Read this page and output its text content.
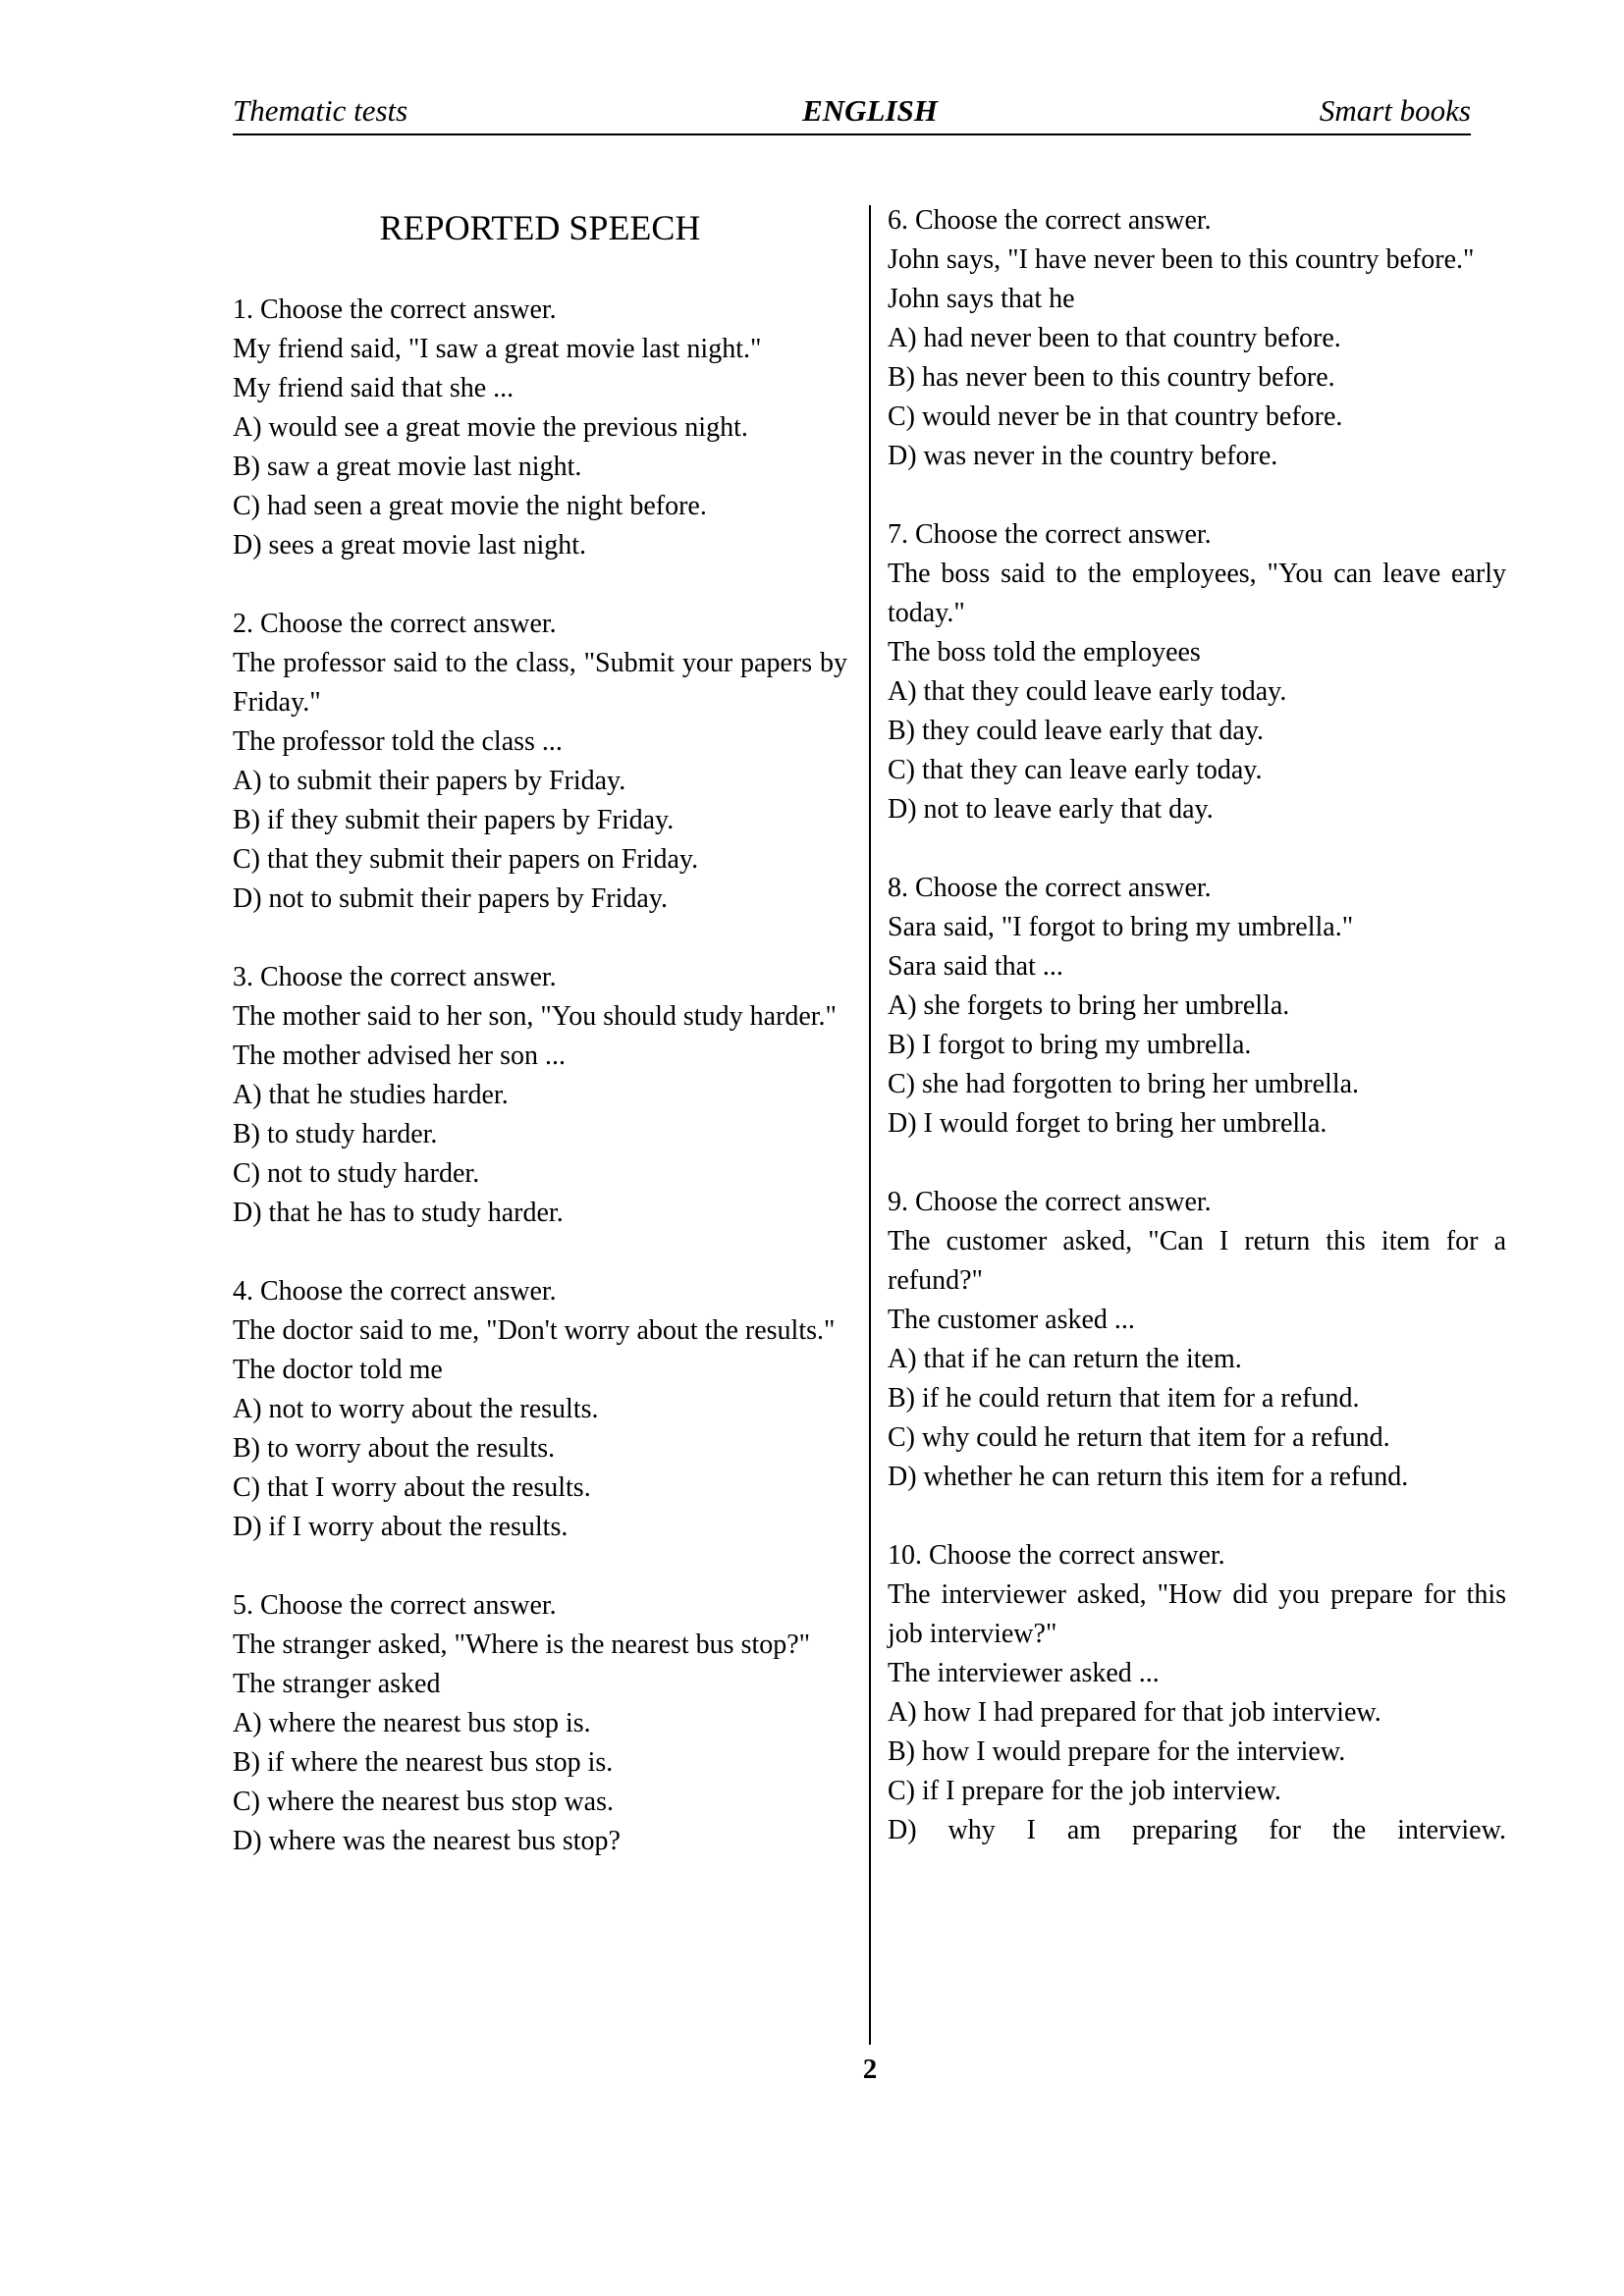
Thematic tests	ENGLISH	Smart books
REPORTED SPEECH

1. Choose the correct answer.

My friend said, "I saw a great movie last night."

My friend said that she ...

A) would see a great movie the previous night.

B) saw a great movie last night.

C) had seen a great movie the night before.

D) sees a great movie last night.

2. Choose the correct answer.

The professor said to the class, "Submit your papers by Friday."

The professor told the class ...

A) to submit their papers by Friday.

B) if they submit their papers by Friday.

C) that they submit their papers on Friday.

D) not to submit their papers by Friday.

3. Choose the correct answer.

The mother said to her son, "You should study harder."

The mother advised her son ...

A) that he studies harder.

B) to study harder.

C) not to study harder.

D) that he has to study harder.

4. Choose the correct answer.

The doctor said to me, "Don't worry about the results."

The doctor told me

A) not to worry about the results.

B) to worry about the results.

C) that I worry about the results.

D) if I worry about the results.

5. Choose the correct answer.

The stranger asked, "Where is the nearest bus stop?"

The stranger asked

A) where the nearest bus stop is.

B) if where the nearest bus stop is.

C) where the nearest bus stop was.

D) where was the nearest bus stop?

6. Choose the correct answer.

John says, "I have never been to this country before."

John says that he

A) had never been to that country before.

B) has never been to this country before.

C) would never be in that country before.

D) was never in the country before.

7. Choose the correct answer.

The boss said to the employees, "You can leave early today."

The boss told the employees

A) that they could leave early today.

B) they could leave early that day.

C) that they can leave early today.

D) not to leave early that day.

8. Choose the correct answer.

Sara said, "I forgot to bring my umbrella."

Sara said that ...

A) she forgets to bring her umbrella.

B) I forgot to bring my umbrella.

C) she had forgotten to bring her umbrella.

D) I would forget to bring her umbrella.

9. Choose the correct answer.

The customer asked, "Can I return this item for a refund?"

The customer asked ...

A) that if he can return the item.

B) if he could return that item for a refund.

C) why could he return that item for a refund.

D) whether he can return this item for a refund.

10. Choose the correct answer.

The interviewer asked, "How did you prepare for this job interview?"

The interviewer asked ...

A) how I had prepared for that job interview.

B) how I would prepare for the interview.

C) if I prepare for the job interview.

D) why I am preparing for the interview.

2
